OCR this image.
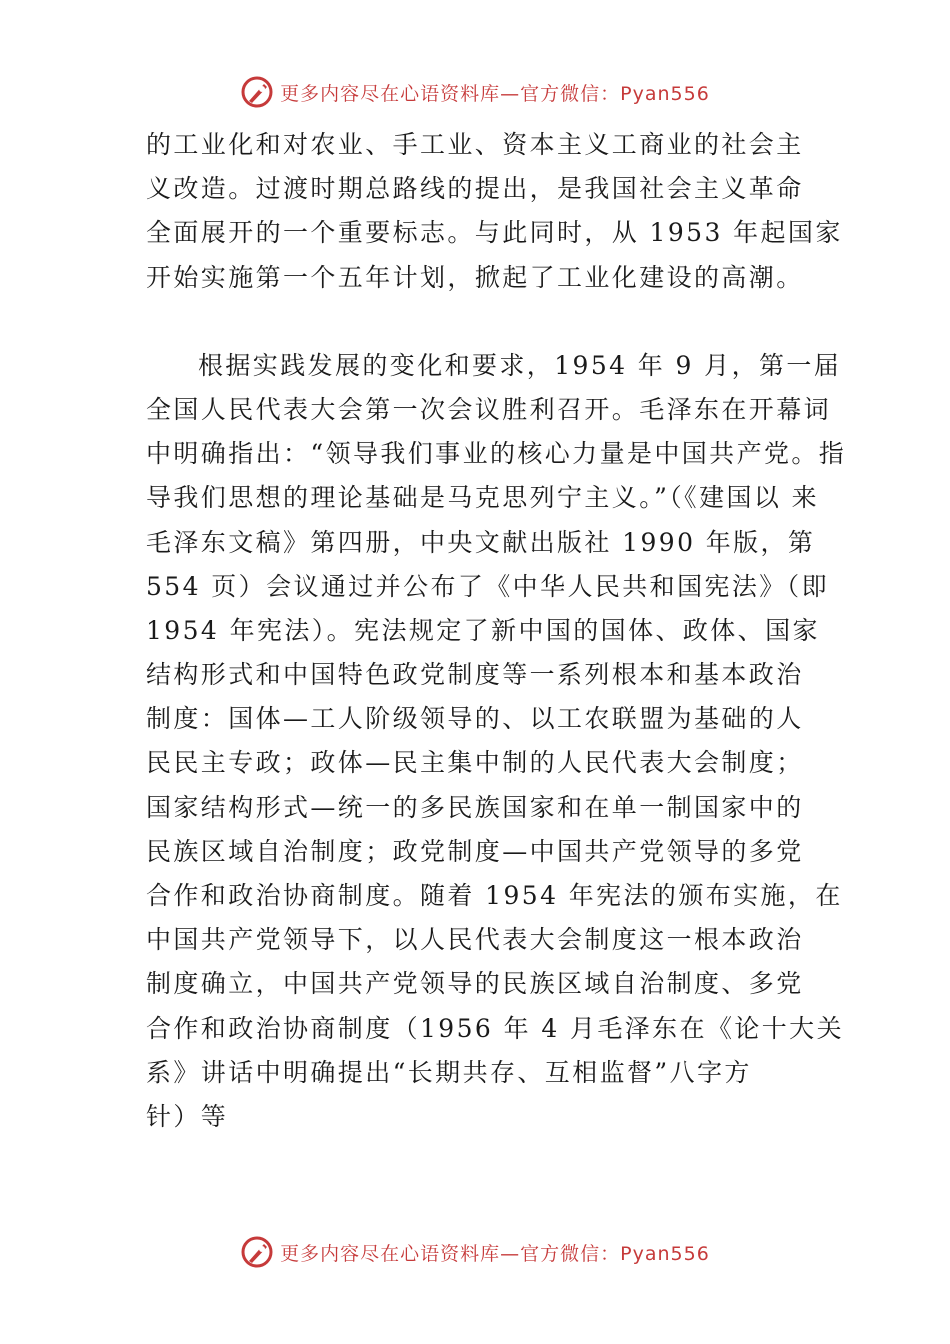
更多内容尽在心语资料库—官方微信：Pyan556
的工业化和对农业、手工业、资本主义工商业的社会主
义改造。过渡时期总路线的提出，是我国社会主义革命
全面展开的一个重要标志。与此同时，从 1953 年起国家
开始实施第一个五年计划，掀起了工业化建设的高潮。
根据实践发展的变化和要求，1954 年 9 月，第一届
全国人民代表大会第一次会议胜利召开。毛泽东在开幕词
中明确指出：“领导我们事业的核心力量是中国共产党。指
导我们思想的理论基础是马克思列宁主义。”（《建国以 来
毛泽东文稿》第四册，中央文献出版社 1990 年版，第
554 页）会议通过并公布了《中华人民共和国宪法》（即
1954 年宪法）。宪法规定了新中国的国体、政体、国家
结构形式和中国特色政党制度等一系列根本和基本政治
制度：国体—工人阶级领导的、以工农联盟为基础的人
民民主专政；政体—民主集中制的人民代表大会制度；
国家结构形式—统一的多民族国家和在单一制国家中的
民族区域自治制度；政党制度—中国共产党领导的多党
合作和政治协商制度。随着 1954 年宪法的颁布实施，在
中国共产党领导下，以人民代表大会制度这一根本政治
制度确立，中国共产党领导的民族区域自治制度、多党
合作和政治协商制度（1956 年 4 月毛泽东在《论十大关
系》讲话中明确提出“长期共存、互相监督”八字方
针）等
更多内容尽在心语资料库—官方微信：Pyan556
